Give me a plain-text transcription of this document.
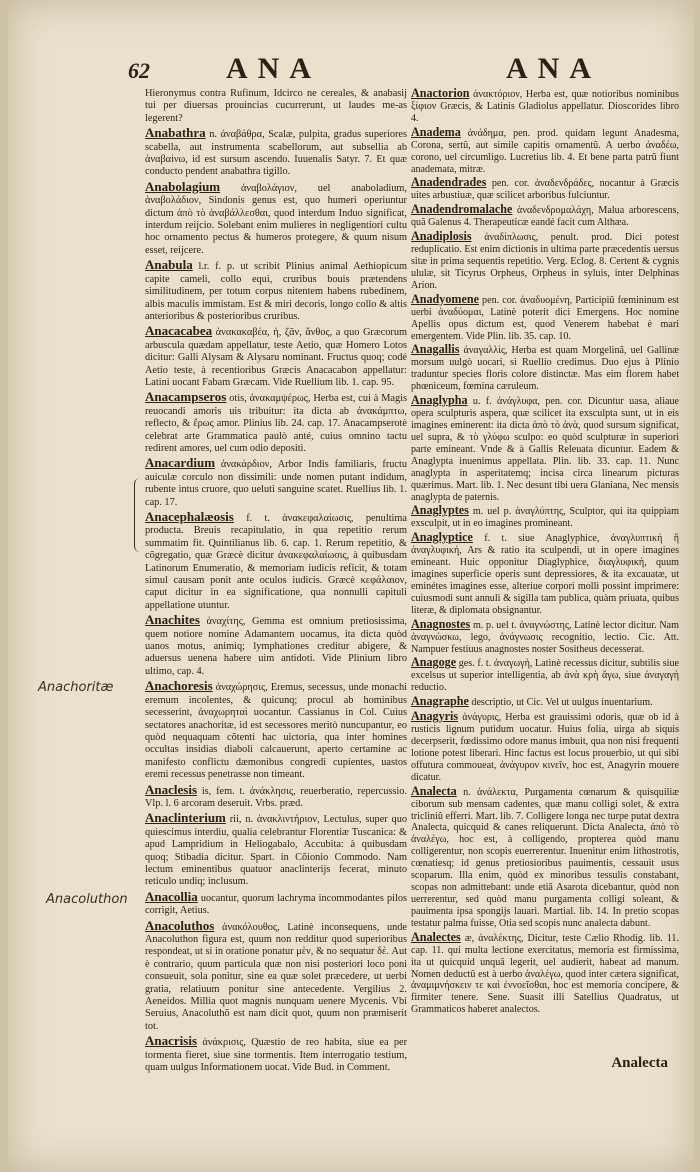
62	ANA	ANA

Hieronymus contra Rufinum, Idcirco ne cereales, & anabasij tui per diuersas prouincias cucurrerunt, ut laudes me-as legerent?

Anabathra n. ἀναβάθρα, Scalæ, pulpita, gradus superiores scabella, aut instrumenta scabellorum, aut subsellia ab ἀναβαίνω, id est sursum ascendo. Iuuenalis Satyr. 7. Et quæ conducto pendent anabathra tigillo.

Anabolagium ἀναβολάγιον, uel anaboladium, ἀναβολάδιον, Sindonis genus est, quo humeri operiuntur dictum ἀπὸ τὸ ἀναβάλλεσθαι, quod interdum Induo significat, interdum reijcio. Solebant enim mulieres in negligentiori cultu hoc ornamento pectus & humeros protegere, & quum nisum esset, reijcere.

Anabula l.r. f. p. ut scribit Plinius animal Aethiopicum capite cameli, collo equi, cruribus bouis prætendens similitudinem, per totum corpus nitentem habens rubedinem, albis maculis immistam. Est & miri decoris, longo collo & altis anterioribus & posterioribus cruribus.

Anacacabea ἀνακακαβέα, ἡ, ζᾶν, ἄνθος, a quo Græcorum arbuscula quædam appellatur, teste Aetio, quæ Homero Lotos dicitur: Galli Alysam & Alysaru nominant. Fructus quoq; codé Aetio teste, à recentioribus Græcis Anacacabon appellatur: Latini uocant Fabam Græcam. Vide Ruellium lib. 1. cap. 95.

Anacampseros otis, ἀνακαμψέρως, Herba est, cui à Magis reuocandi amoris uis tribuitur: ita dicta ab ἀνακάμπτω, reflecto, & ἔρως amor. Plinius lib. 24. cap. 17. Anacampserotè celebrat arte Grammatica paulò anté, cuius omnino tactu redirent amores, uel cum odio depositi.

Anacardium ἀνακάρδιον, Arbor Indis familiaris, fructu auiculæ corculo non dissimili: unde nomen putant indidum, rubente intus cruore, quo ueluti sanguine scatet. Ruellius lib. 1. cap. 17.

Anacephalæosis f. t. ἀνακεφαλαίωσις, penultima producta. Breuis recapitulatio, in qua repetitio rerum summatim fit. Quintilianus lib. 6. cap. 1. Rerum repetitio, & cõgregatio, quæ Græcè dicitur ἀνακεφαλαίωσις, à quibusdam Latinorum Enumeratio, & memoriam iudicis reficit, & totam simul causam ponit ante oculos iudicis. Græcè κεφάλαιον, caput dicitur in ea significatione, qua nonnulli capituli appellatione utuntur.

Anachites ἀναχίτης, Gemma est omnium pretiosissima, quem notiore nomine Adamantem uocamus, ita dicta quòd uanos motus, animiq; lymphationes creditur abigere, & aduersus uenena habere uim antidoti. Vide Plinium libro ultimo, cap. 4.

Anachoresis ἀναχώρησις, Eremus, secessus, unde monachi eremum incolentes, & quicunq; procul ab hominibus secesserint, ἀναχωρηταὶ uocantur. Cassianus in Col. Cuius sectatores anachoritæ, id est secessores meritò nuncupantur, eo quòd nequaquam cõtenti hac uictoria, qua inter homines occultas insidias diaboli calcauerunt, aperto certamine ac manifesto conflictu dæmonibus congredi cupientes, uastos eremi recessus penetrasse non timeant.

Anaclesis is, fem. t. ἀνάκλησις, reuerberatio, repercussio. Vlp. l. 6 arcoram deseruit. Vrbs. præd.

Anaclinterium rii, n. ἀνακλιντήριον, Lectulus, super quo quiescimus interdiu, qualia celebrantur Florentiæ Tuscanica: & apud Lampridium in Heliogabalo, Accubita: à quibusdam quoq; Stibadia dicitur. Spart. in Cõionio Commodo. Nam lectum eminentibus quatuor anaclinterijs fecerat, minuto reticulo undiq; inclusum.

Anacollia uocantur, quorum lachryma incommodantes pilos corrigit, Aetius.

Anacoluthos ἀνακόλουθος, Latinè inconsequens, unde Anacoluthon figura est, quum non redditur quod superioribus respondeat, ut si in oratione ponatur μὲν, & no sequatur δὲ. Aut è contrario, quum particula quæ non nisi posteriori loco poni consueuit, sola ponitur, sine ea quæ solet præcedere, ut uerbi gratia, relatiuum ponitur sine antecedente. Vergilius 2. Aeneidos. Millia quot magnis nunquam uenere Mycenis. Vbi Seruius, Anacoluthõ est nam dicit quot, quum non præmiserit tot.

Anacrisis ἀνάκρισις, Quæstio de reo habita, siue ea per tormenta fieret, siue sine tormentis. Item interrogatio testium, quam uulgus Informationem uocat. Vide Bud. in Comment.

Anactorion ἀνακτόριον, Herba est, quæ notioribus nominibus ξίφιον Græcis, & Latinis Gladiolus appellatur. Dioscorides libro 4.

Anadema ἀνάδημα, pen. prod. quidam legunt Anadesma, Corona, sertũ, aut simile capitis ornamentũ. A uerbo ἀναδέω, corono, uel circumligo. Lucretius lib. 4. Et bene parta patrũ fiunt anademata, mitræ.

Anadendrades pen. cor. ἀναδενδράδες, nocantur à Græcis uites arbustiuæ, quæ scilicet arboribus fulciuntur.

Anadendromalache ἀναδενδρομαλάχη, Malua arborescens, quã Galenus 4. Therapeuticæ eandé facit cum Althæa.

Anadiplosis ἀναδίπλωσις, penult. prod. Dici potest reduplicatio. Est enim dictionis in ultima parte præcedentis uersus sitæ in prima sequentis repetitio. Verg. Eclog. 8. Certent & cygnis ululæ, sit Ticyrus Orpheus, Orpheus in syluis, inter Delphinas Arion.

Anadyomene pen. cor. ἀναδυομένη, Participiũ fœmininum est uerbi ἀναδύομαι, Latinè poterit dici Emergens. Hoc nomine Apellis opus dictum est, quod Venerem habebat è mari emergentem. Vide Plin. lib. 35. cap. 10.

Anagallis ἀναγαλλὶς, Herba est quam Morgelinã, uel Gallinæ morsum uulgò uocari, si Ruellio credimus. Duo ejus à Plinio traduntur species floris colore distinctæ. Mas eim florem habet phœniceum, fœmina cæruleum.

Anaglypha u. f. ἀνάγλυφα, pen. cor. Dicuntur uasa, aliaue opera sculpturis aspera, quæ scilicet ita exsculpta sunt, ut in eis imagines eminerent: ita dicta ἀπὸ τὸ ἀνὰ, quod sursum significat, uel supra, & τὸ γλύφω sculpo: eo quòd sculpturæ in superiori parte emineant. Vnde & à Gallis Releuata dicuntur. Eadem & Anaglypta inuenimus appellata. Plin. lib. 33. cap. 11. Nunc anaglypta in asperitatemq; incisa circa linearum picturas quærimus. Mart. lib. 1. Nec desunt tibi uera Glaniana, Nec mensis anaglypta de paternis.

Anaglyptes m. uel p. ἀναγλύπτης, Sculptor, qui ita quippiam exsculpit, ut in eo imagines promineant.

Anaglyptice f. t. siue Anaglyphice, ἀναγλυπτική ἢ ἀναγλυφική, Ars & ratio ita sculpendi, ut in opere imagines emineant. Huic opponitur Diaglyphice, διαγλυφική, quum imagines superficie operis sunt depressiores, & ita excauatæ, ut eminétes imagines esse, alteriue corpori molli possint imprimere: cuiusmodi sunt annuli & sigilla tam publica, quàm priuata, quibus literæ, & diplomata obsignantur.

Anagnostes m. p. uel t. ἀναγνώστης, Latinè lector dicitur. Nam ἀναγνώσκω, lego, ἀνάγνωσις recognitio, lectio. Cic. Att. Nampuer festiuus anagnostes noster Sositheus decesserat.

Anagoge ges. f. t. ἀναγωγὴ, Latinè recessus dicitur, subtilis siue excelsus ut superior intelligentia, ab ἀνὰ κρὴ ἄγω, siue ἀναγαγὴ reductio.

Anagraphe descriptio, ut Cic. Vel ut uulgus inuentarium.

Anagyris ἀνάγυρις, Herba est grauissimi odoris, quæ ob id à rusticis lignum putidum uocatur. Huius folia, uirga ab siquis decerpserit, fœdissimo odore manus imbuit, qua non nisi frequenti lotione potest liberari. Hinc factus est locus prouerbio, ut qui sibi offutura commoueat, ἀνάγυρον κινεῖν, hoc est, Anagyrin mouere dicatur.

Analecta n. ἀνάλεκτα, Purgamenta cœnarum & quisquiliæ ciborum sub mensam cadentes, quæ manu colligi solet, & extra tricliniũ efferri. Mart. lib. 7. Colligere longa nec turpe putat dextra Analecta, quicquid & canes reliquerunt. Dicta Analecta, ἀπὸ τὸ ἀναλέγω, hoc est, à colligendo, propterea quòd manu colligerentur, non scopis euerrerentur. Inuenitur enim lithostrotis, cœnatiesq; id genus pretiosioribus pauimentis, cessauit usus scoparum. Illa enim, quòd ex minoribus tessulis constabant, scopas non admittebant: unde etiã Asarota dicebantur, quòd non uerrerentur, sed quòd manu purgamenta colligi soleant, & pauimenta ipsa spongijs lauari. Martial. lib. 14. In pretio scopas testatur palma fuisse, Otia sed scopis nunc analecta dabunt.

Analectes æ, ἀναλέκτης, Dicitur, teste Cælio Rhodig. lib. 11. cap. 11. qui multa lectione exercitatus, memoria est firmissima, ita ut quicquid unquã legerit, uel audierit, habeat ad manum. Nomen deductũ est à uerbo ἀναλέγω, quod inter cætera significat, ἀναμιμνήσκειν τε καὶ ἐννοεῖσθαι, hoc est memoria concipere, & firmiter tenere. Sene. Suasit illi Satellius Quadratus, ut Grammaticos haberet analectos.

Anachoritæ
Anacoluthon
Analecta
